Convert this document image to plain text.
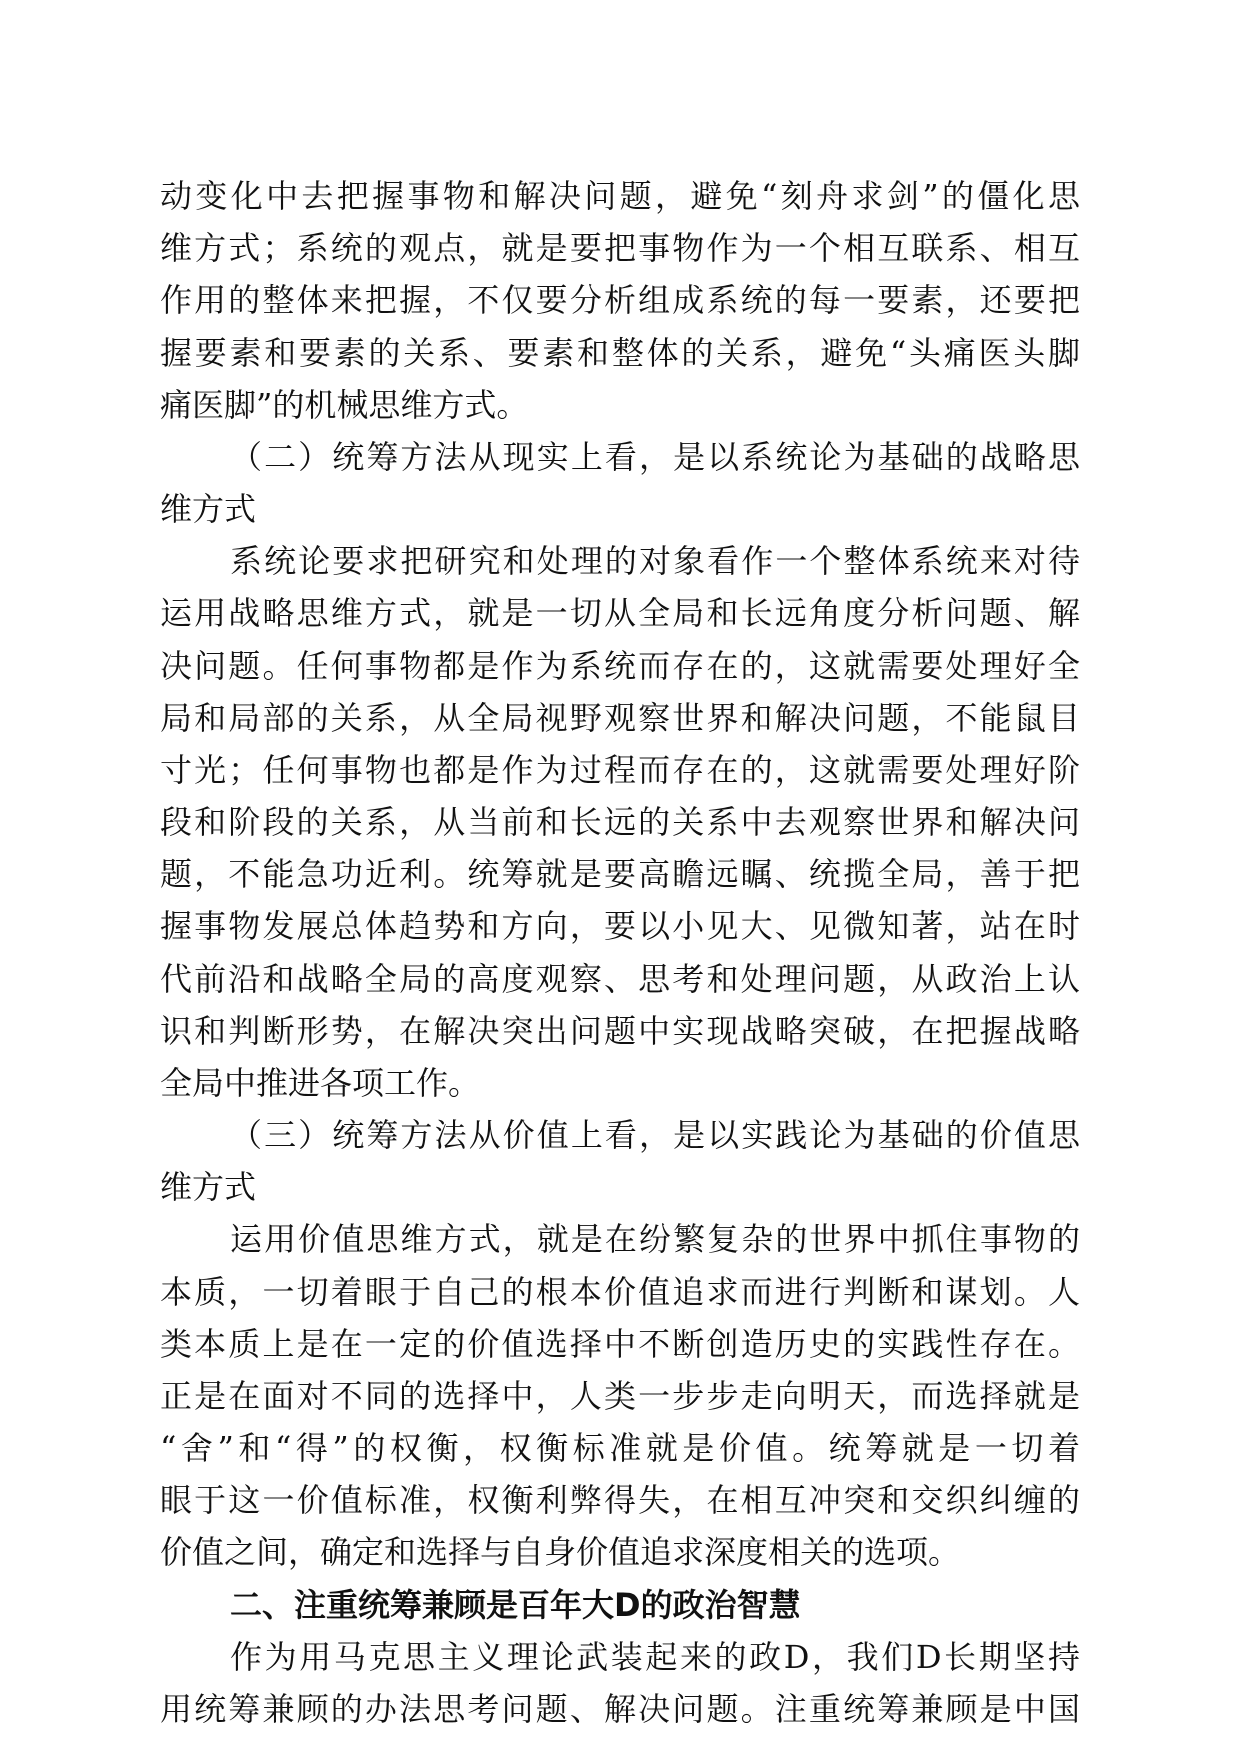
动变化中去把握事物和解决问题，避免“刻舟求剑”的僵化思
维方式；系统的观点，就是要把事物作为一个相互联系、相互
作用的整体来把握，不仅要分析组成系统的每一要素，还要把
握要素和要素的关系、要素和整体的关系，避免“头痛医头脚
痛医脚”的机械思维方式。
（二）统筹方法从现实上看，是以系统论为基础的战略思
维方式
系统论要求把研究和处理的对象看作一个整体系统来对待
运用战略思维方式，就是一切从全局和长远角度分析问题、解
决问题。任何事物都是作为系统而存在的，这就需要处理好全
局和局部的关系，从全局视野观察世界和解决问题，不能鼠目
寸光；任何事物也都是作为过程而存在的，这就需要处理好阶
段和阶段的关系，从当前和长远的关系中去观察世界和解决问
题，不能急功近利。统筹就是要高瞻远瞩、统揽全局，善于把
握事物发展总体趋势和方向，要以小见大、见微知著，站在时
代前沿和战略全局的高度观察、思考和处理问题，从政治上认
识和判断形势，在解决突出问题中实现战略突破，在把握战略
全局中推进各项工作。
（三）统筹方法从价值上看，是以实践论为基础的价值思
维方式
运用价值思维方式，就是在纷繁复杂的世界中抓住事物的
本质，一切着眼于自己的根本价值追求而进行判断和谋划。人
类本质上是在一定的价值选择中不断创造历史的实践性存在。
正是在面对不同的选择中，人类一步步走向明天，而选择就是
“舍”和“得”的权衡，权衡标准就是价值。统筹就是一切着
眼于这一价值标准，权衡利弊得失，在相互冲突和交织纠缠的
价值之间，确定和选择与自身价值追求深度相关的选项。
二、注重统筹兼顾是百年大D的政治智慧
作为用马克思主义理论武装起来的政D，我们D长期坚持
用统筹兼顾的办法思考问题、解决问题。注重统筹兼顾是中国
